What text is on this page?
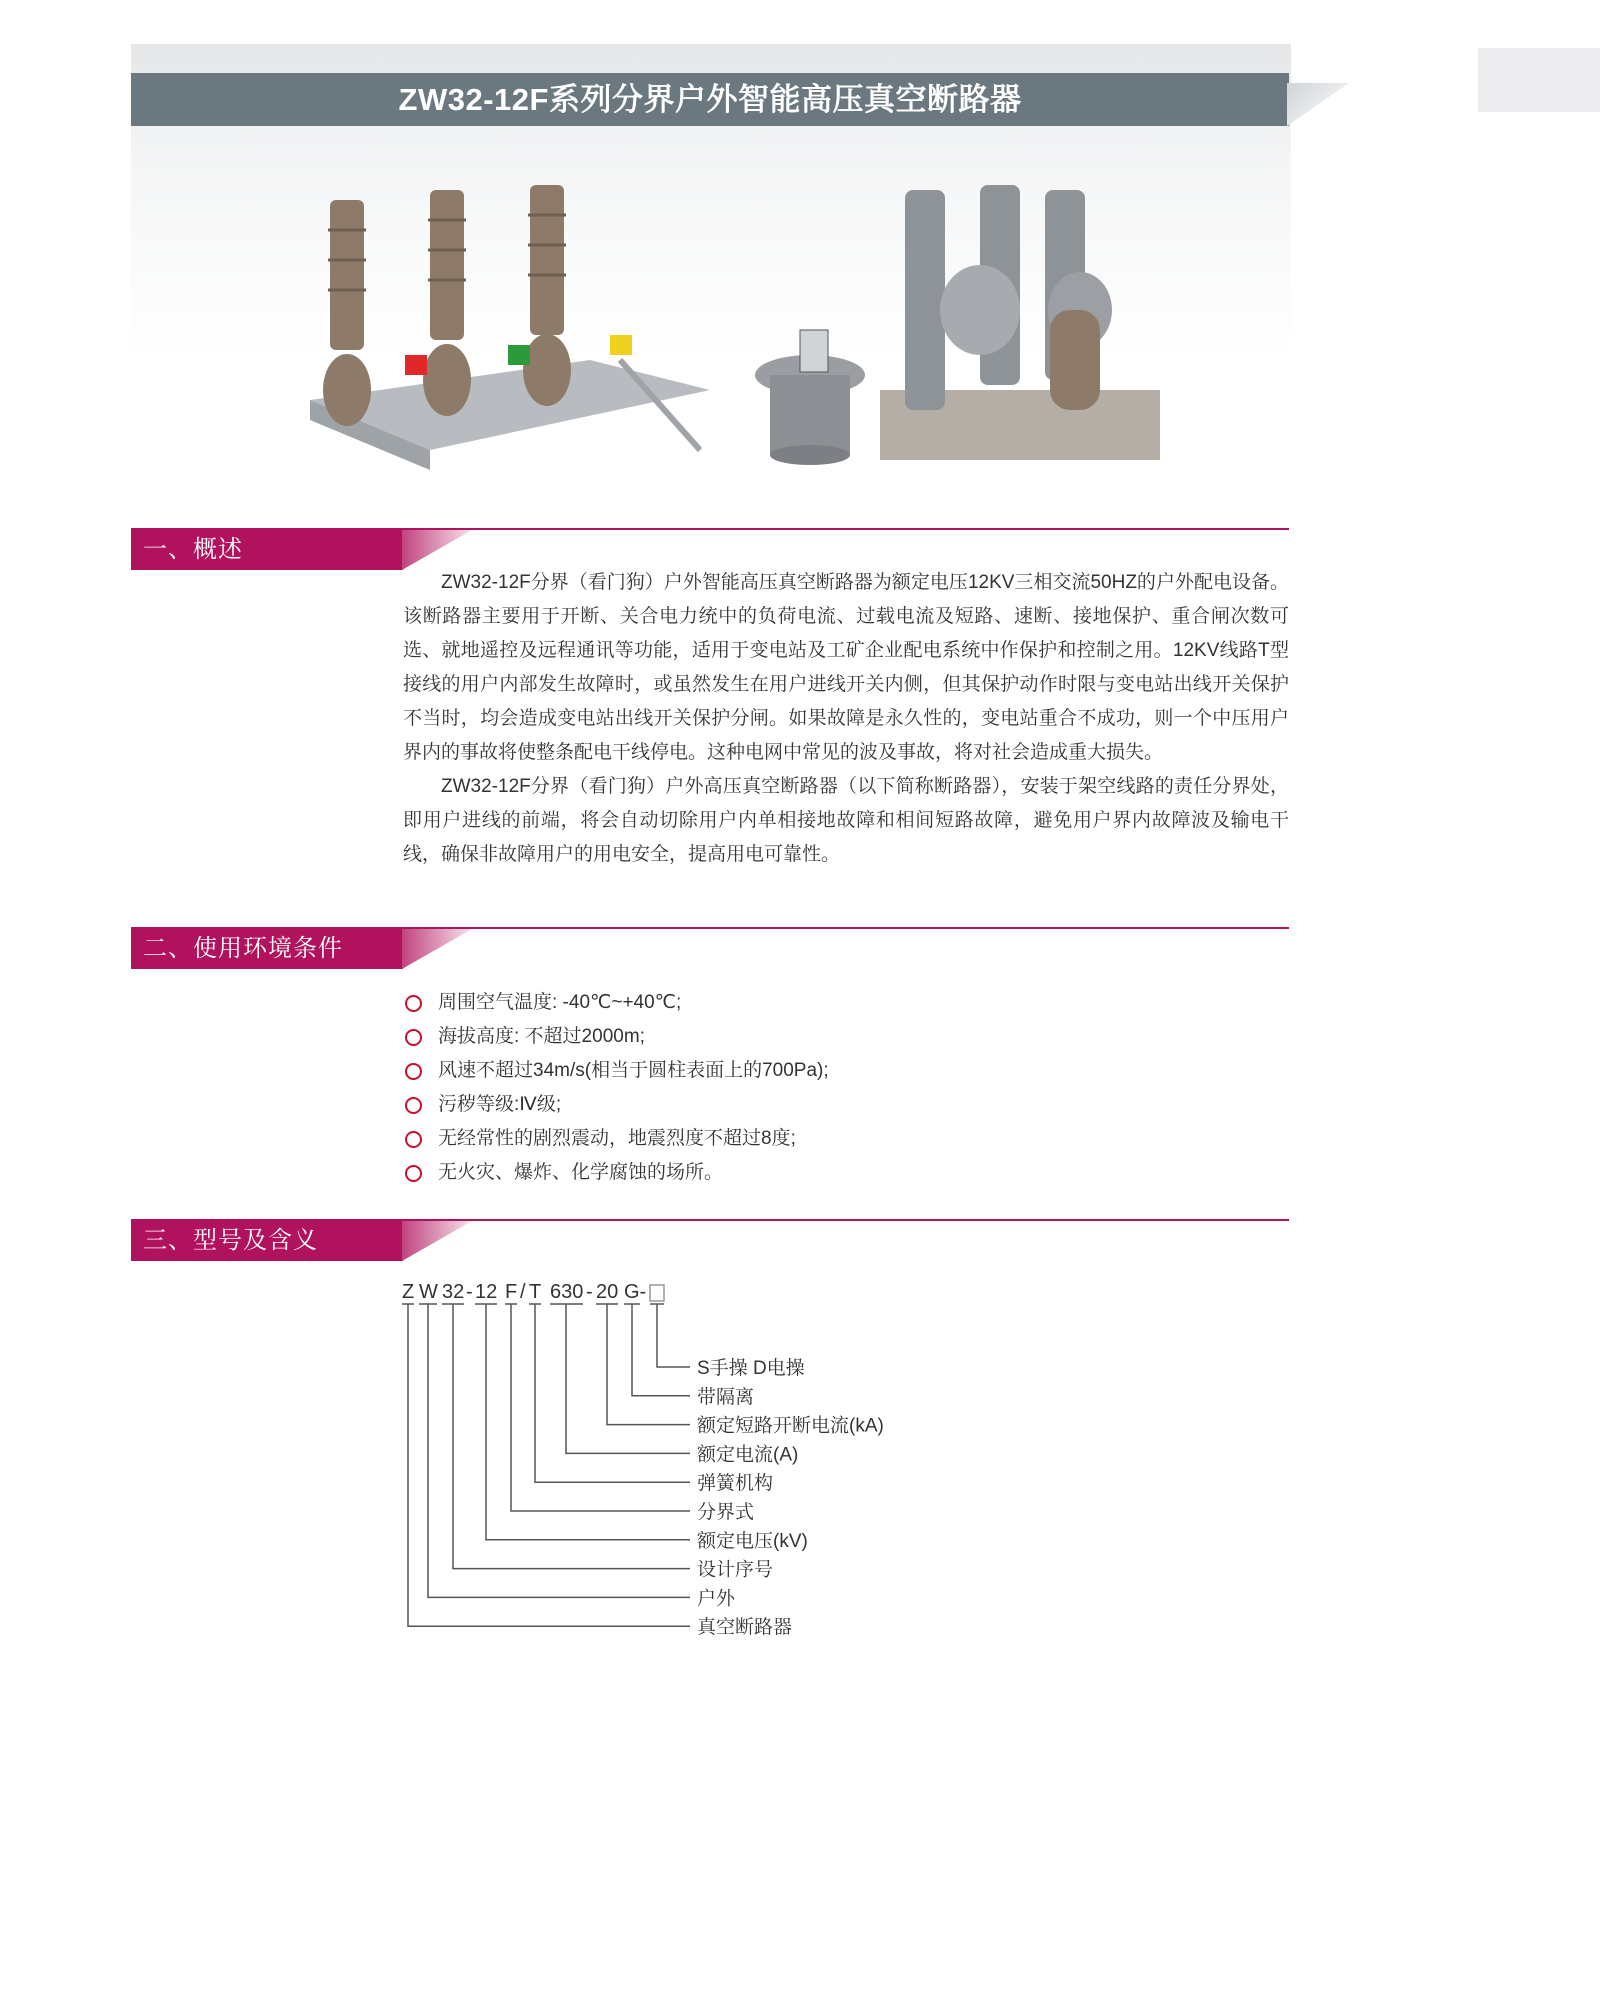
ZW32-12F系列分界户外智能高压真空断路器
一、概述

ZW32-12F分界（看门狗）户外智能高压真空断路器为额定电压12KV三相交流50HZ的户外配电设备。该断路器主要用于开断、关合电力统中的负荷电流、过载电流及短路、速断、接地保护、重合闸次数可选、就地遥控及远程通讯等功能，适用于变电站及工矿企业配电系统中作保护和控制之用。12KV线路T型接线的用户内部发生故障时，或虽然发生在用户进线开关内侧，但其保护动作时限与变电站出线开关保护不当时，均会造成变电站出线开关保护分闸。如果故障是永久性的，变电站重合不成功，则一个中压用户界内的事故将使整条配电干线停电。这种电网中常见的波及事故，将对社会造成重大损失。

ZW32-12F分界（看门狗）户外高压真空断路器（以下简称断路器），安装于架空线路的责任分界处，即用户进线的前端，将会自动切除用户内单相接地故障和相间短路故障，避免用户界内故障波及输电干线，确保非故障用户的用电安全，提高用电可靠性。

二、使用环境条件
周围空气温度: -40℃~+40℃;
海拔高度: 不超过2000m;
风速不超过34m/s(相当于圆柱表面上的700Pa);
污秽等级:Ⅳ级;
无经常性的剧烈震动，地震烈度不超过8度;
无火灾、爆炸、化学腐蚀的场所。
三、型号及含义
Z W 32 - 12 F / T 630 - 20 G-
S手操 D电操
带隔离
额定短路开断电流(kA)
额定电流(A)
弹簧机构
分界式
额定电压(kV)
设计序号
户外
真空断路器
